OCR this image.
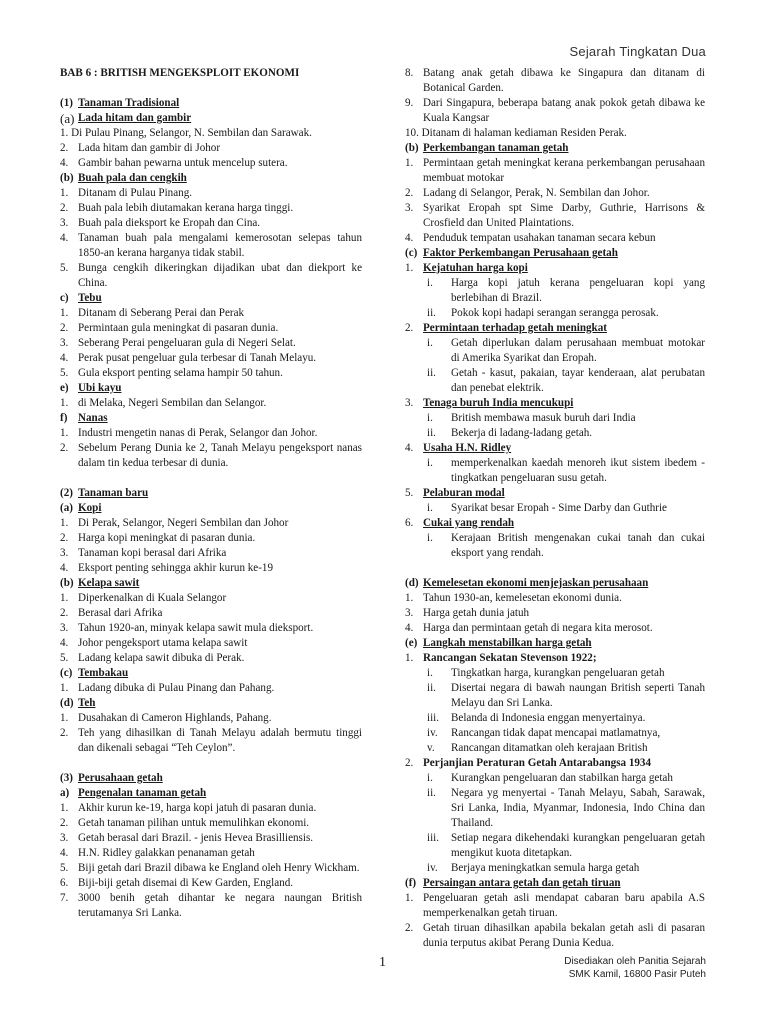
Sejarah Tingkatan Dua
BAB 6 : BRITISH MENGEKSPLOIT EKONOMI
(1) Tanaman Tradisional
(a) Lada hitam dan gambir
1. Di Pulau Pinang, Selangor, N. Sembilan dan Sarawak.
2. Lada hitam dan gambir di Johor
4. Gambir bahan pewarna untuk mencelup sutera.
(b) Buah pala dan cengkih
1. Ditanam di Pulau Pinang.
2. Buah pala lebih diutamakan kerana harga tinggi.
3. Buah pala dieksport ke Eropah dan Cina.
4. Tanaman buah pala mengalami kemerosotan selepas tahun 1850-an kerana harganya tidak stabil.
5. Bunga cengkih dikeringkan dijadikan ubat dan diekport ke China.
c) Tebu
1. Ditanam di Seberang Perai dan Perak
2. Permintaan gula meningkat di pasaran dunia.
3. Seberang Perai pengeluaran gula di Negeri Selat.
4. Perak pusat pengeluar gula terbesar di Tanah Melayu.
5. Gula eksport penting selama hampir 50 tahun.
e) Ubi kayu
1. di Melaka, Negeri Sembilan dan Selangor.
f) Nanas
1. Industri mengetin nanas di Perak, Selangor dan Johor.
2. Sebelum Perang Dunia ke 2, Tanah Melayu pengeksport nanas dalam tin kedua terbesar di dunia.
(2) Tanaman baru
(a) Kopi
1. Di Perak, Selangor, Negeri Sembilan dan Johor
2. Harga kopi meningkat di pasaran dunia.
3. Tanaman kopi berasal dari Afrika
4. Eksport penting sehingga akhir kurun ke-19
(b) Kelapa sawit
1. Diperkenalkan di Kuala Selangor
2. Berasal dari Afrika
3. Tahun 1920-an, minyak kelapa sawit mula dieksport.
4. Johor pengeksport utama kelapa sawit
5. Ladang kelapa sawit dibuka di Perak.
(c) Tembakau
1. Ladang dibuka di Pulau Pinang dan Pahang.
(d) Teh
1. Dusahakan di Cameron Highlands, Pahang.
2. Teh yang dihasilkan di Tanah Melayu adalah bermutu tinggi dan dikenali sebagai “Teh Ceylon”.
(3) Perusahaan getah
a) Pengenalan tanaman getah
1. Akhir kurun ke-19, harga kopi jatuh di pasaran dunia.
2. Getah tanaman pilihan untuk memulihkan ekonomi.
3. Getah berasal dari Brazil. - jenis Hevea Brasilliensis.
4. H.N. Ridley galakkan penanaman getah
5. Biji getah dari Brazil dibawa ke England oleh Henry Wickham.
6. Biji-biji getah disemai di Kew Garden, England.
7. 3000 benih getah dihantar ke negara naungan British terutamanya Sri Lanka.
8. Batang anak getah dibawa ke Singapura dan ditanam di Botanical Garden.
9. Dari Singapura, beberapa batang anak pokok getah dibawa ke Kuala Kangsar
10. Ditanam di halaman kediaman Residen Perak.
(b) Perkembangan tanaman getah
1. Permintaan getah meningkat kerana perkembangan perusahaan membuat motokar
2. Ladang di Selangor, Perak, N. Sembilan dan Johor.
3. Syarikat Eropah spt Sime Darby, Guthrie, Harrisons & Crosfield dan United Plaintations.
4. Penduduk tempatan usahakan tanaman secara kebun
(c) Faktor Perkembangan Perusahaan getah
1. Kejatuhan harga kopi
i.	Harga kopi jatuh kerana pengeluaran kopi yang berlebihan di Brazil.
ii.	Pokok kopi hadapi serangan serangga perosak.
2. Permintaan terhadap getah meningkat
i.	Getah diperlukan dalam perusahaan membuat motokar di Amerika Syarikat dan Eropah.
ii.	Getah - kasut, pakaian, tayar kenderaan, alat perubatan dan penebat elektrik.
3. Tenaga buruh India mencukupi
i.	British membawa masuk buruh dari India
ii.	Bekerja di ladang-ladang getah.
4. Usaha H.N. Ridley
i.	memperkenalkan kaedah menoreh ikut sistem ibedem - tingkatkan pengeluaran susu getah.
5. Pelaburan modal
i.	Syarikat besar Eropah - Sime Darby dan Guthrie
6. Cukai yang rendah
i.	Kerajaan British mengenakan cukai tanah dan cukai eksport yang rendah.
(d) Kemelesetan ekonomi menjejaskan perusahaan
1. Tahun 1930-an, kemelesetan ekonomi dunia.
3. Harga getah dunia jatuh
4. Harga dan permintaan getah di negara kita merosot.
(e) Langkah menstabilkan harga getah
1. Rancangan Sekatan Stevenson 1922;
i.	Tingkatkan harga, kurangkan pengeluaran getah
ii.	Disertai negara di bawah naungan British seperti Tanah Melayu dan Sri Lanka.
iii.	Belanda di Indonesia enggan menyertainya.
iv.	Rancangan tidak dapat mencapai matlamatnya,
v.	Rancangan ditamatkan oleh kerajaan British
2. Perjanjian Peraturan Getah Antarabangsa 1934
i.	Kurangkan pengeluaran dan stabilkan harga getah
ii.	Negara yg menyertai - Tanah Melayu, Sabah, Sarawak, Sri Lanka, India, Myanmar, Indonesia, Indo China dan Thailand.
iii.	Setiap negara dikehendaki kurangkan pengeluaran getah mengikut kuota ditetapkan.
iv.	Berjaya meningkatkan semula harga getah
(f) Persaingan antara getah dan getah tiruan
1. Pengeluaran getah asli mendapat cabaran baru apabila A.S memperkenalkan getah tiruan.
2. Getah tiruan dihasilkan apabila bekalan getah asli di pasaran dunia terputus akibat Perang Dunia Kedua.
1	Disediakan oleh Panitia Sejarah
SMK Kamil, 16800 Pasir Puteh
